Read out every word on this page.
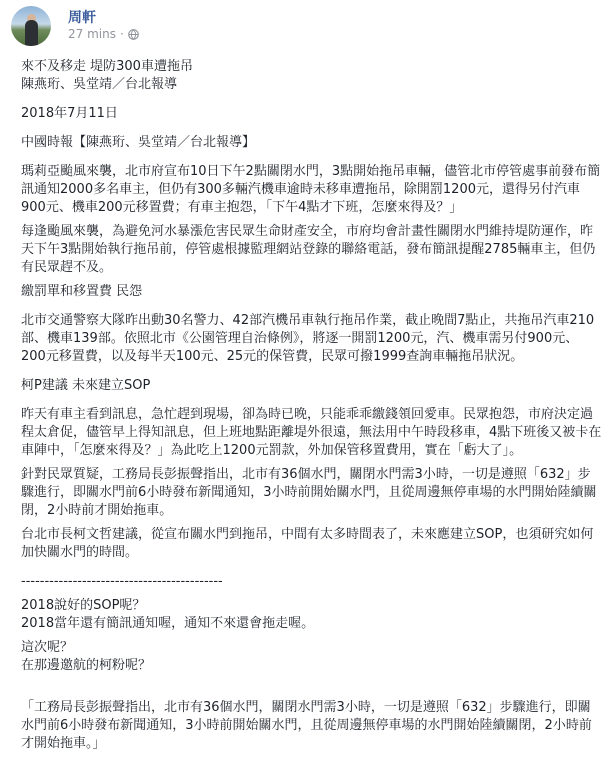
周軒
27 mins ·

來不及移走 堤防300車遭拖吊

陳燕珩、吳堂靖／台北報導

2018年7月11日

中國時報【陳燕珩、吳堂靖／台北報導】

瑪莉亞颱風來襲，北市府宣布10日下午2點關閉水門，3點開始拖吊車輛，儘管北市停管處事前發布簡訊通知2000多名車主，但仍有300多輛汽機車逾時未移車遭拖吊，除開罰1200元，還得另付汽車900元、機車200元移置費；有車主抱怨，「下午4點才下班，怎麼來得及？」

每逢颱風來襲，為避免河水暴漲危害民眾生命財產安全，市府均會計畫性關閉水門維持堤防運作，昨天下午3點開始執行拖吊前，停管處根據監理網站登錄的聯絡電話，發布簡訊提醒2785輛車主，但仍有民眾趕不及。

繳罰單和移置費 民怨

北市交通警察大隊昨出動30名警力、42部汽機吊車執行拖吊作業，截止晚間7點止，共拖吊汽車210部、機車139部。依照北市《公園管理自治條例》，將逐一開罰1200元，汽、機車需另付900元、200元移置費，以及每半天100元、25元的保管費，民眾可撥1999查詢車輛拖吊狀況。

柯P建議 未來建立SOP

昨天有車主看到訊息，急忙趕到現場，卻為時已晚，只能乖乖繳錢領回愛車。民眾抱怨，市府決定過程太倉促，儘管早上得知訊息，但上班地點距離堤外很遠，無法用中午時段移車，4點下班後又被卡在車陣中，「怎麼來得及？」為此吃上1200元罰款，外加保管移置費用，實在「虧大了」。

針對民眾質疑，工務局長彭振聲指出，北市有36個水門，關閉水門需3小時，一切是遵照「632」步驟進行，即關水門前6小時發布新聞通知，3小時前開始關水門，且從周邊無停車場的水門開始陸續關閉，2小時前才開始拖車。

台北市長柯文哲建議，從宣布關水門到拖吊，中間有太多時間表了，未來應建立SOP，也須研究如何加快關水門的時間。

-------------------------------------------

2018說好的SOP呢？

2018當年還有簡訊通知喔，通知不來還會拖走喔。

這次呢？

在那邊邀航的柯粉呢？

「工務局長彭振聲指出，北市有36個水門，關閉水門需3小時，一切是遵照「632」步驟進行，即關水門前6小時發布新聞通知，3小時前開始關水門，且從周邊無停車場的水門開始陸續關閉，2小時前才開始拖車。」
